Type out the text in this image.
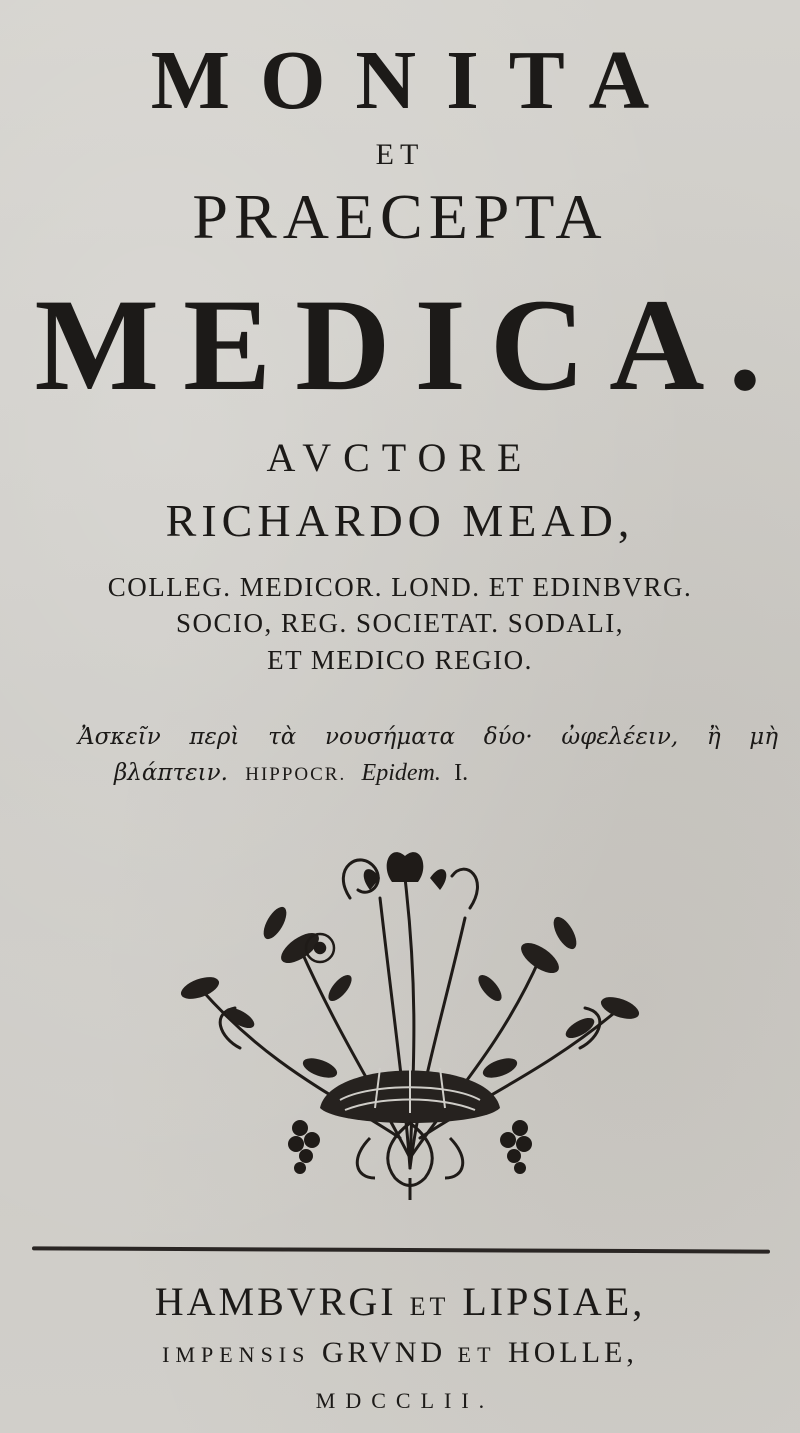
MONITA
ET
PRAECEPTA
MEDICA.
AVCTORE
RICHARDO MEAD,
COLLEG. MEDICOR. LOND. ET EDINBVRG.
SOCIO, REG. SOCIETAT. SODALI,
ET MEDICO REGIO.
Ἀσκεῖν περὶ τὰ νουσήματα δύο· ὠφελέειν, ἢ μὴ
βλάπτειν. HIPPOCR. Epidem. I.
HAMBVRGI ET LIPSIAE,
IMPENSIS GRVND ET HOLLE,
MDCCLII.
